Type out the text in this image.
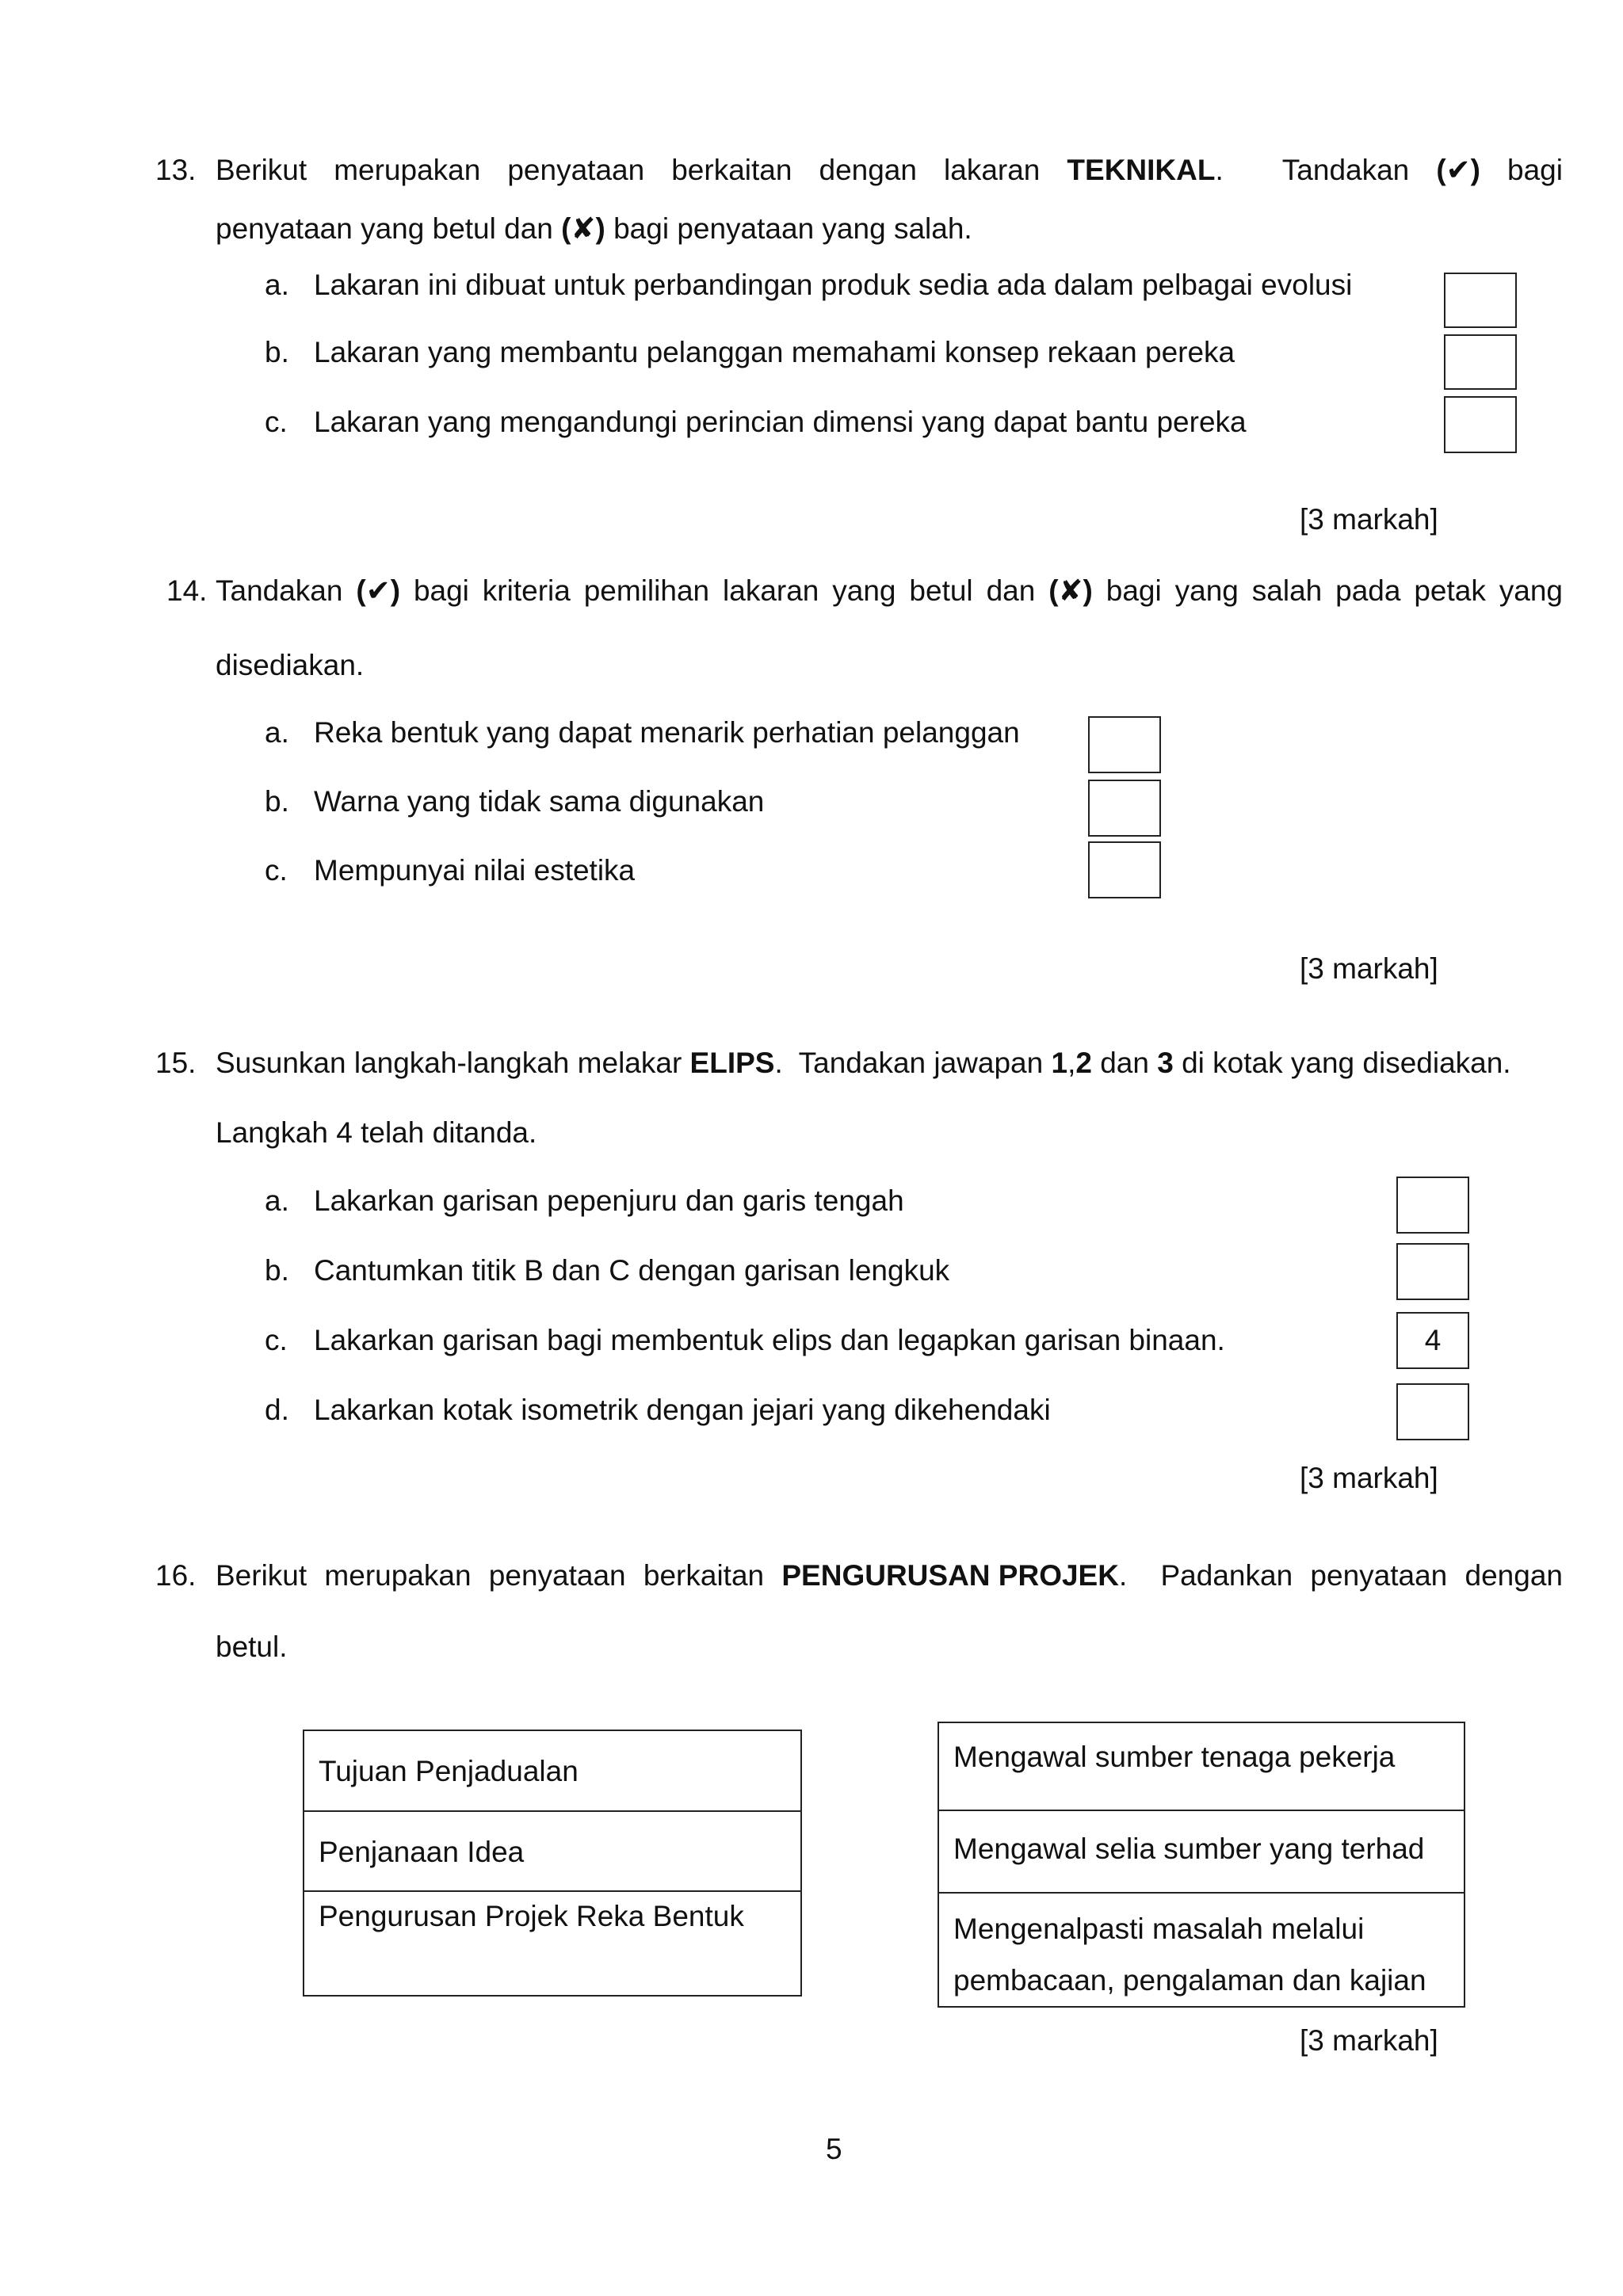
13. Berikut merupakan penyataan berkaitan dengan lakaran TEKNIKAL. Tandakan (✔) bagi
penyataan yang betul dan (✘) bagi penyataan yang salah.
a. Lakaran ini dibuat untuk perbandingan produk sedia ada dalam pelbagai evolusi
b. Lakaran yang membantu pelanggan memahami konsep rekaan pereka
c. Lakaran yang mengandungi perincian dimensi yang dapat bantu pereka
[3 markah]
14. Tandakan (✔) bagi kriteria pemilihan lakaran yang betul dan (✘) bagi yang salah pada petak yang
disediakan.
a. Reka bentuk yang dapat menarik perhatian pelanggan
b. Warna yang tidak sama digunakan
c. Mempunyai nilai estetika
[3 markah]
15. Susunkan langkah-langkah melakar ELIPS.  Tandakan jawapan 1,2 dan 3 di kotak yang disediakan.
Langkah 4 telah ditanda.
a. Lakarkan garisan pepenjuru dan garis tengah
b. Cantumkan titik B dan C dengan garisan lengkuk
c. Lakarkan garisan bagi membentuk elips dan legapkan garisan binaan.	4
d. Lakarkan kotak isometrik dengan jejari yang dikehendaki
[3 markah]
16. Berikut merupakan penyataan berkaitan PENGURUSAN PROJEK. Padankan penyataan dengan
betul.
Tujuan Penjadualan
Penjanaan Idea
Pengurusan Projek Reka Bentuk
Mengawal sumber tenaga pekerja
Mengawal selia sumber yang terhad

Mengenalpasti masalah melalui
pembacaan, pengalaman dan kajian
[3 markah]
5
